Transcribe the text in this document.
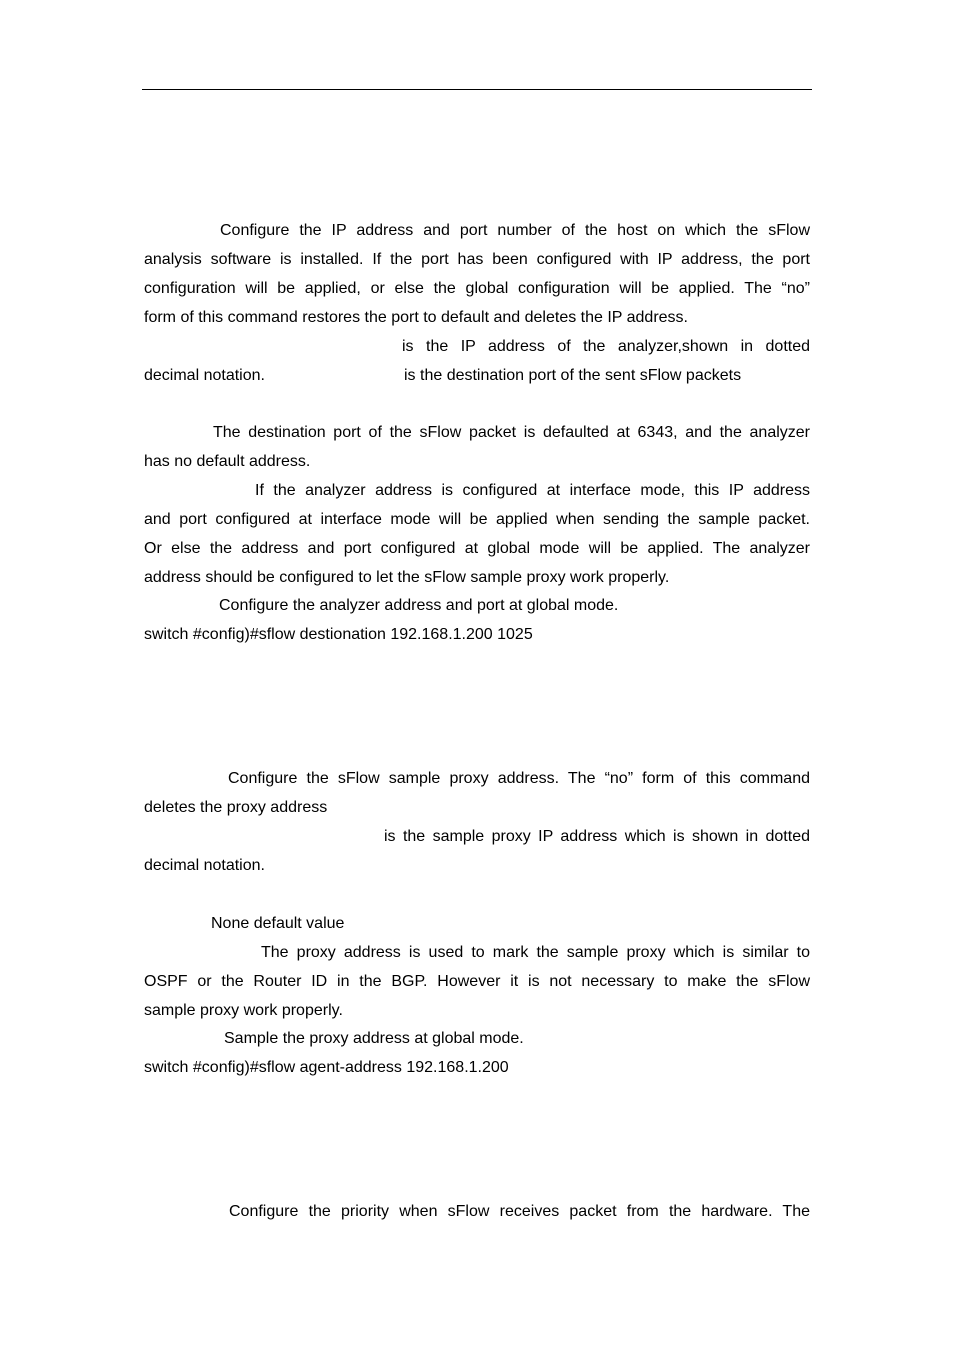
Configure the IP address and port number of the host on which the sFlow
analysis software is installed. If the port has been configured with IP address, the port
configuration will be applied, or else the global configuration will be applied. The “no”
form of this command restores the port to default and deletes the IP address.
is the IP address of the analyzer,shown in dotted
decimal notation.	is the destination port of the sent sFlow packets
The destination port of the sFlow packet is defaulted at 6343, and the analyzer
has no default address.
If the analyzer address is configured at interface mode, this IP address
and port configured at interface mode will be applied when sending the sample packet.
Or else the address and port configured at global mode will be applied. The analyzer
address should be configured to let the sFlow sample proxy work properly.
Configure the analyzer address and port at global mode.
switch #config)#sflow destionation 192.168.1.200 1025
Configure the sFlow sample proxy address. The “no” form of this command
deletes the proxy address
is the sample proxy IP address which is shown in dotted
decimal notation.
None default value
The proxy address is used to mark the sample proxy which is similar to
OSPF or the Router ID in the BGP. However it is not necessary to make the sFlow
sample proxy work properly.
Sample the proxy address at global mode.
switch #config)#sflow agent-address 192.168.1.200
Configure the priority when sFlow receives packet from the hardware. The
